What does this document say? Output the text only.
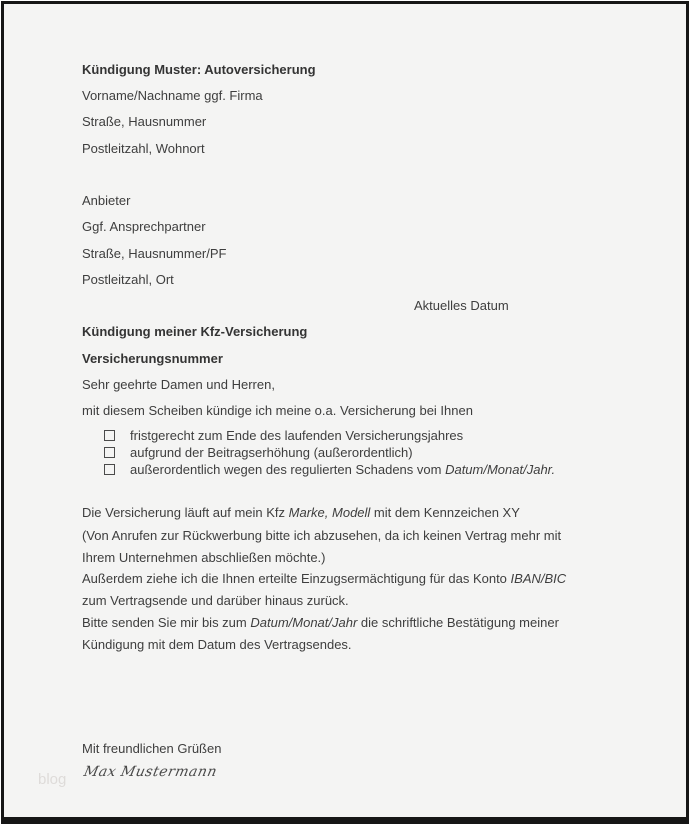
Kündigung Muster: Autoversicherung
Vorname/Nachname ggf. Firma
Straße, Hausnummer
Postleitzahl, Wohnort
Anbieter
Ggf. Ansprechpartner
Straße, Hausnummer/PF
Postleitzahl, Ort
Aktuelles Datum
Kündigung meiner Kfz-Versicherung
Versicherungsnummer
Sehr geehrte Damen und Herren,
mit diesem Scheiben kündige ich meine o.a. Versicherung bei Ihnen
fristgerecht zum Ende des laufenden Versicherungsjahres
aufgrund der Beitragserhöhung (außerordentlich)
außerordentlich wegen des regulierten Schadens vom Datum/Monat/Jahr.
Die Versicherung läuft auf mein Kfz Marke, Modell mit dem Kennzeichen XY
(Von Anrufen zur Rückwerbung bitte ich abzusehen, da ich keinen Vertrag mehr mit Ihrem Unternehmen abschließen möchte.)
Außerdem ziehe ich die Ihnen erteilte Einzugsermächtigung für das Konto IBAN/BIC zum Vertragsende und darüber hinaus zurück.
Bitte senden Sie mir bis zum Datum/Monat/Jahr die schriftliche Bestätigung meiner Kündigung mit dem Datum des Vertragsendes.
Mit freundlichen Grüßen
Max Mustermann
blog
